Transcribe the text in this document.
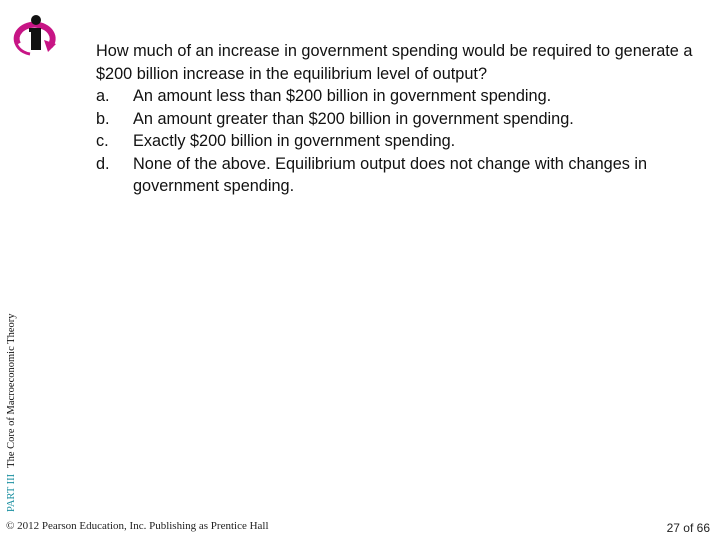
How much of an increase in government spending would be required to generate a $200 billion increase in the equilibrium level of output?

a.	An amount less than $200 billion in government spending.
b.	An amount greater than $200 billion in government spending.
c.	Exactly $200 billion in government spending.
d.	None of the above. Equilibrium output does not change with changes in government spending.
PART IIIThe Core of Macroeconomic Theory
© 2012 Pearson Education, Inc. Publishing as Prentice Hall	27 of 66
